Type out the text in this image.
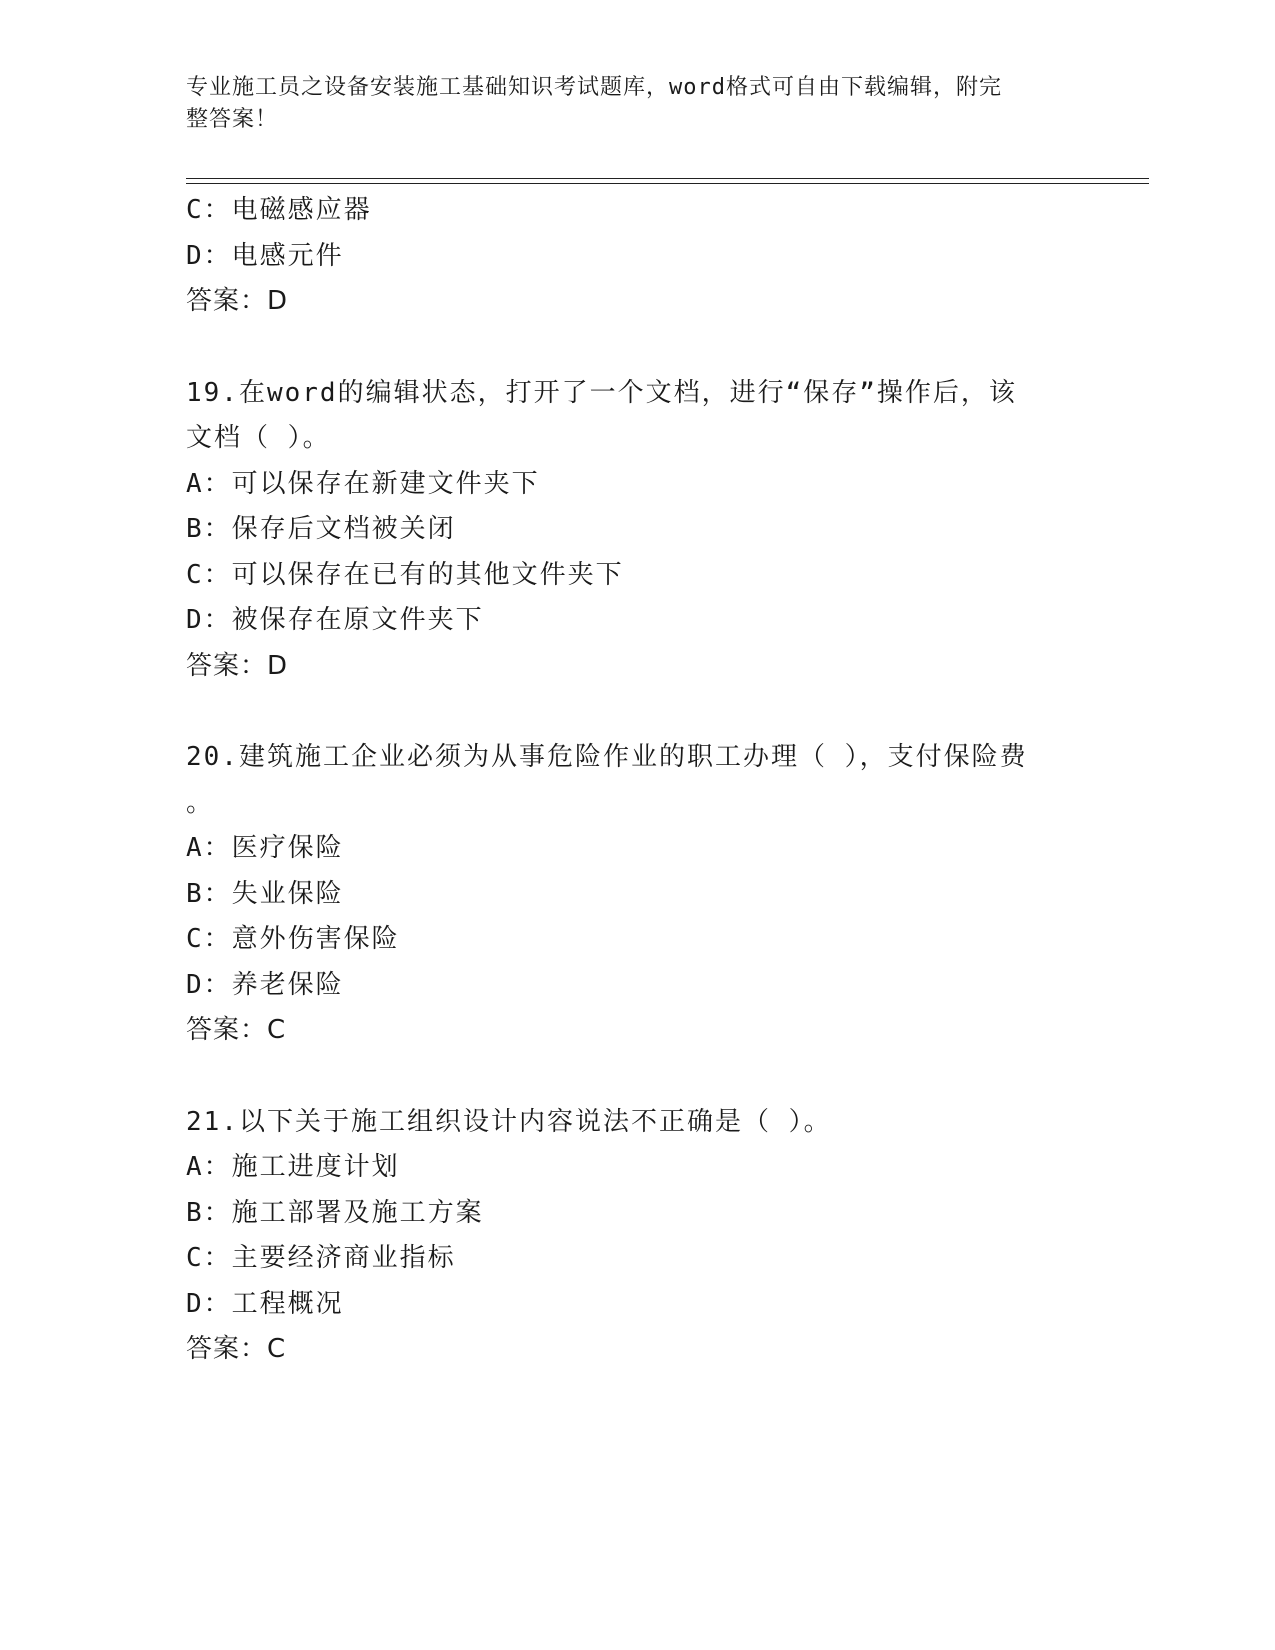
专业施工员之设备安装施工基础知识考试题库，word格式可自由下载编辑，附完
整答案！
C：电磁感应器
D：电感元件
答案：D
19.在word的编辑状态，打开了一个文档，进行“保存”操作后，该
文档（ ）。
A：可以保存在新建文件夹下
B：保存后文档被关闭
C：可以保存在已有的其他文件夹下
D：被保存在原文件夹下
答案：D
20.建筑施工企业必须为从事危险作业的职工办理（ ），支付保险费
。
A：医疗保险
B：失业保险
C：意外伤害保险
D：养老保险
答案：C
21.以下关于施工组织设计内容说法不正确是（ ）。
A：施工进度计划
B：施工部署及施工方案
C：主要经济商业指标
D：工程概况
答案：C
